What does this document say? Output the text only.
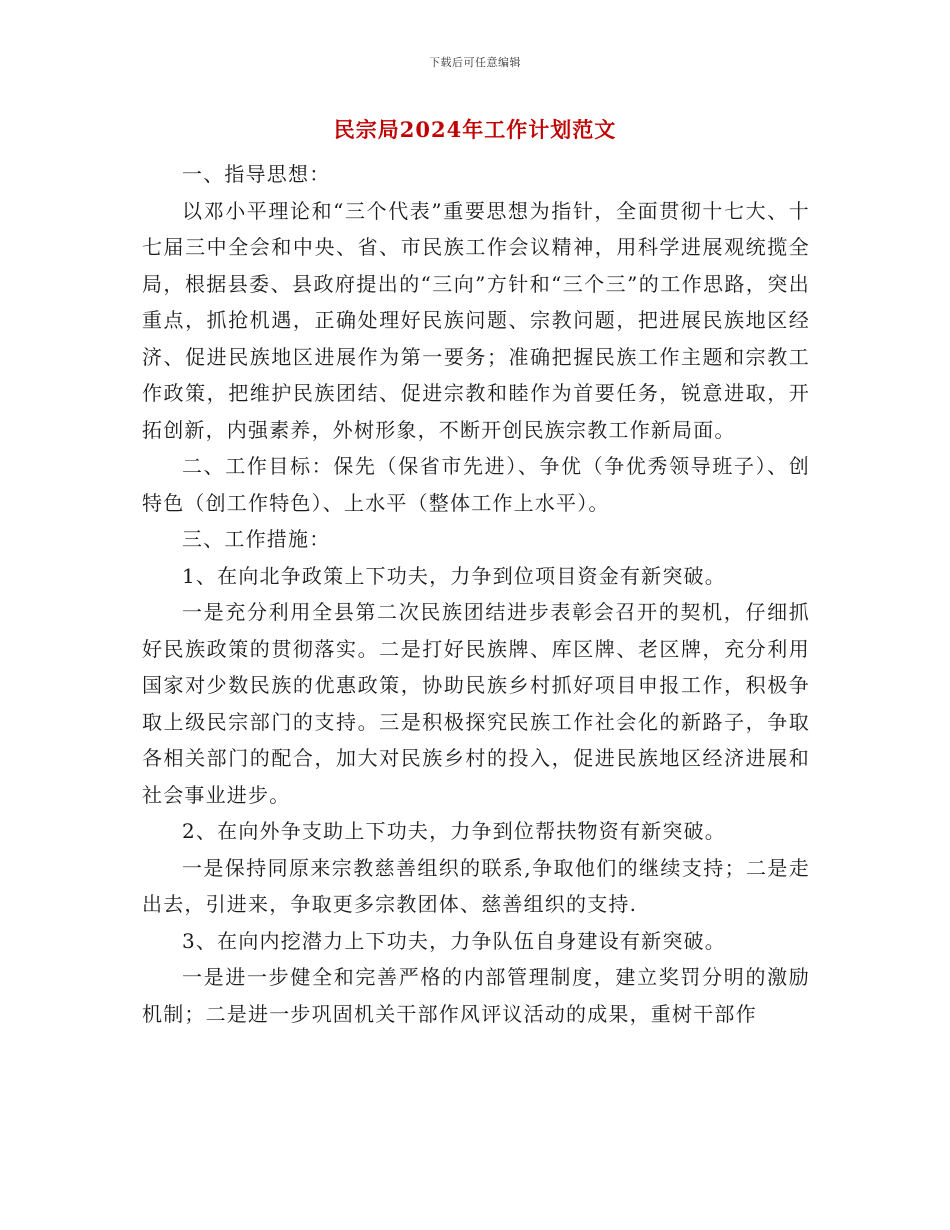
下载后可任意编辑
民宗局2024年工作计划范文

一、指导思想：

以邓小平理论和“三个代表”重要思想为指针，全面贯彻十七大、十七届三中全会和中央、省、市民族工作会议精神，用科学进展观统揽全局，根据县委、县政府提出的“三向”方针和“三个三”的工作思路，突出重点，抓抢机遇，正确处理好民族问题、宗教问题，把进展民族地区经济、促进民族地区进展作为第一要务；准确把握民族工作主题和宗教工作政策，把维护民族团结、促进宗教和睦作为首要任务，锐意进取，开拓创新，内强素养，外树形象，不断开创民族宗教工作新局面。

二、工作目标：保先（保省市先进）、争优（争优秀领导班子）、创特色（创工作特色）、上水平（整体工作上水平）。

三、工作措施：

1、在向北争政策上下功夫，力争到位项目资金有新突破。

一是充分利用全县第二次民族团结进步表彰会召开的契机，仔细抓好民族政策的贯彻落实。二是打好民族牌、库区牌、老区牌，充分利用国家对少数民族的优惠政策，协助民族乡村抓好项目申报工作，积极争取上级民宗部门的支持。三是积极探究民族工作社会化的新路子，争取各相关部门的配合，加大对民族乡村的投入，促进民族地区经济进展和社会事业进步。

2、在向外争支助上下功夫，力争到位帮扶物资有新突破。

一是保持同原来宗教慈善组织的联系,争取他们的继续支持；二是走出去，引进来，争取更多宗教团体、慈善组织的支持.

3、在向内挖潜力上下功夫，力争队伍自身建设有新突破。

一是进一步健全和完善严格的内部管理制度，建立奖罚分明的激励机制；二是进一步巩固机关干部作风评议活动的成果，重树干部作
